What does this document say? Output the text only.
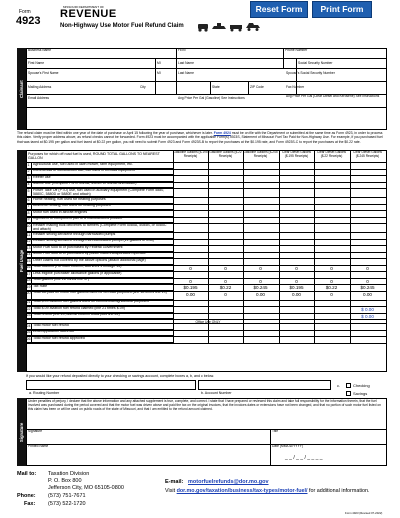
Form
4923
MISSOURI DEPARTMENT OF
REVENUE
Non-Highway Use Motor Fuel Refund Claim
Reset Form	Print Form
Claimant
Business Name	FEIN	Phone Number
First Name	MI	Last Name	Social Security Number
Spouse's First Name	MI	Last Name	Spouse's Social Security Number
Mailing Address	City	State	ZIP Code	Fax Number
Email Address	Avg Price Per Gal (Gasoline) See Instructions	Avg Price Per Gal (Clear Diesel and Kerosene) See Instructions
The refund claim must be filed within one year of the date of purchase or April 15 following the year of purchase, whichever is later. Form 4924 must be on file with the Department or submitted at the same time as Form 4923, in order to process this claim. Verify proper address above, as refund checks cannot be forwarded. Form 4923 must be accompanied with the applicable Form(s) 4923S, Statement of Missouri Fuel Tax Paid for Non-Highway Use. For example, if you purchased fuel that was taxed at $0.195 per gallon and fuel taxed at $0.22 per gallon, you will need to submit Form 4923 and Form 4923S-B to report the purchases at the $0.195 rate, and Form 4923S-C to report the purchases at the $0.22 rate.
Fuel Usage
Purposes for which off road fuel is used, ROUND TOTAL GALLONS TO NEAREST GALLON
Gasoline Gallons ($.195 Receipts)
Gasoline Gallons ($.22 Receipts)
Gasoline Gallons ($.245 Receipts)
Clear Diesel Gallons ($.195 Receipts)
Clear Diesel Gallons ($.22 Receipts)
Clear Diesel Gallons ($.245 Receipts)
1 Agricultural use, fuel used in lawn mower, farm equipment, etc.
2 Commercial or construction use, fuel used in off-road equipment
3 Reefer use
4 Marine use (Complete Form 4923B, 4923C or 4923D and attach)
5 Power Take Off (PTO) use, fuel used in auxiliary equipment (Complete Form 5880, 5880C, 5880D or 5880E and attach)
6 Home heating, fuel used for heating purposes
7 Business heating, fuel used for heating purposes
8 Motor fuel used in aircraft engines
9 Ingredient or component part of a manufactured product
10 Retailer making bulk deliveries to farmers (Complete Form 5085A, 5085B, or 5085C and attach)
11 Retailer selling kerosene through barricaded pumps
12 Retailer selling kerosene through non-barricaded pumps (21 gallons or less)
13 Motor Fuel sold to or purchased by Federal Government
14 Motor Fuel sold to or purchased by public mass transportation operator
15 Other claims not covered by the above options (attach additional page)
16 Total Gallons (For each column, add lines 1 through 15)	0	0	0	0	0	0
17 Less eligible purchaser allowance gallons (if applicable)
18 Total gallons (line 16 minus line 17)	0	0	0	0	0	0
19 Tax Rate	$0.195	$0.22	$0.245	$0.195	$0.22	$0.245
20 Total tax paid on motor fuel gallons used for off-road purposes (line 18 times line 19)	0.00	0	0.00	0.00	0	0.00
21 Total $.09 aviation fuel gallons used for commercial agricultural purposes
22 Total $.09 aviation fuel refund claimed (line 21 times $.09)	$ 0.00
23 Total refund (line 20, add all column totals plus line 22)	$ 0.00
Office Use ONLY
24 Total motor fuel refund
25 Less Application sales tax
26 Total motor fuel refund approved
If you would like your refund deposited directly to your checking or savings account, complete boxes a, b, and c below.
a. Routing Number	b. Account Number
c.	Checking
Savings
Signature
Under penalties of perjury, I declare that the above information and any attached supplement is true, complete, and correct. I state that I have prepared or reviewed this claim and take full responsibility for the information therein, that the fuel involved was purchased during the period covered and that the motor fuel was driven above and paid the tax on the original invoices, that the invoices dates or extensions have not been changed, and that no portion of such motor fuel listed on this claim has been or will be used on public roads of the state of Missouri, and that I am entitled to the refund amount claimed.
Signature	Title
Printed Name	Date (MM/DD/YYYY)
_ _ / _ _ / _ _ _ _
Mail to: Taxation Division
P. O. Box 800
Jefferson City, MO 65105-0800
Phone: (573) 751-7671
Fax: (573) 522-1720
E-mail: motorfuelrefunds@dor.mo.gov
Visit dor.mo.gov/taxation/business/tax-types/motor-fuel/ for additional information.
Form 4923 (Revised 07-2022)
